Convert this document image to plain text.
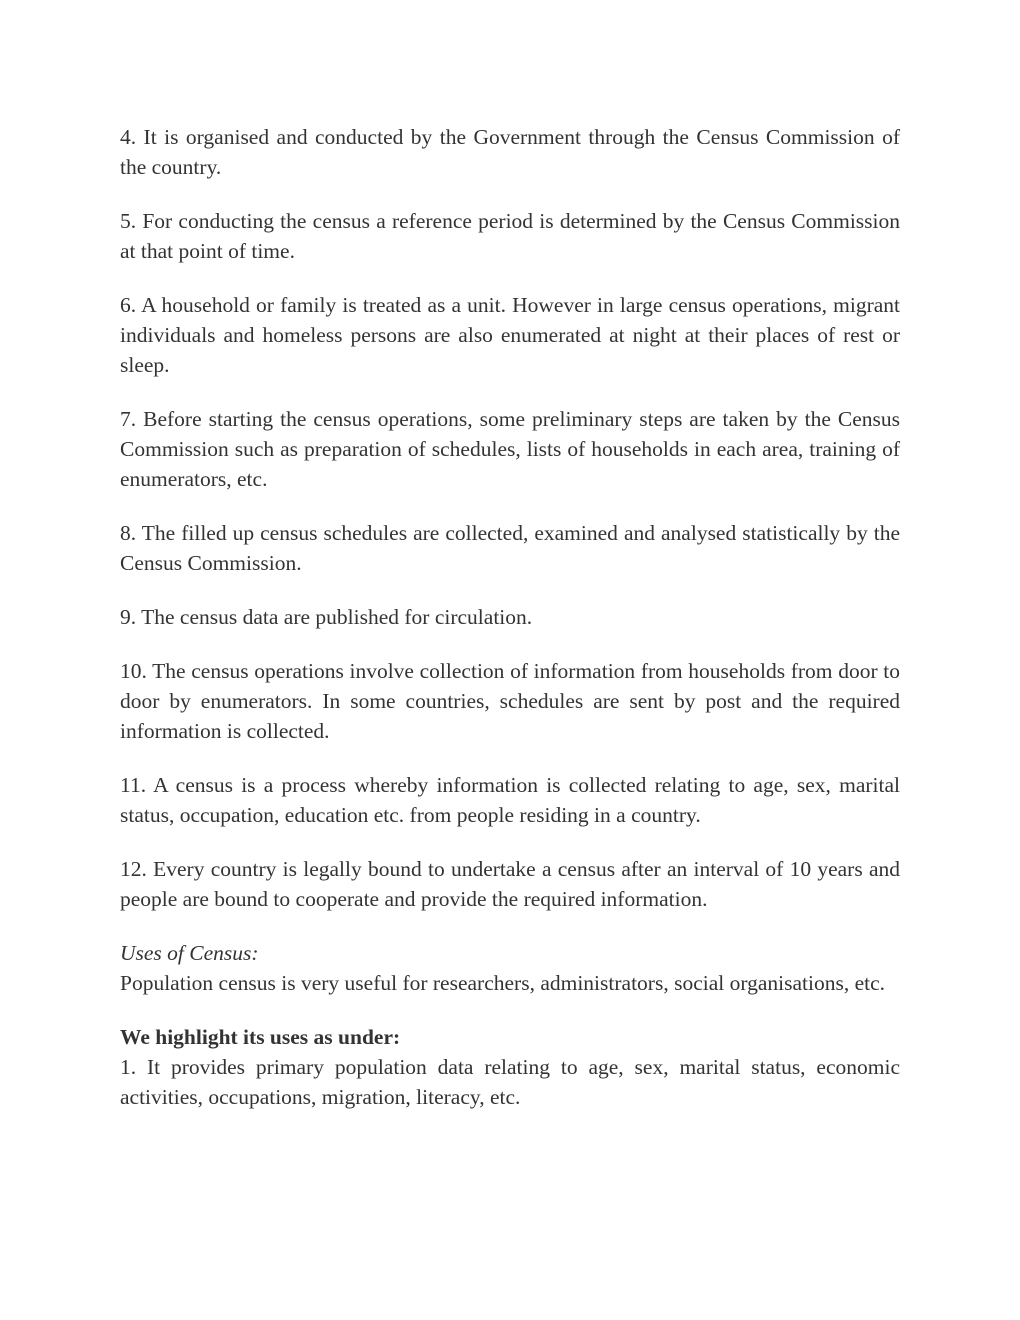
4. It is organised and conducted by the Government through the Census Commission of the country.

5. For conducting the census a reference period is determined by the Census Commission at that point of time.

6. A household or family is treated as a unit. However in large census operations, migrant individuals and homeless persons are also enumerated at night at their places of rest or sleep.

7. Before starting the census operations, some preliminary steps are taken by the Census Commission such as preparation of schedules, lists of households in each area, training of enumerators, etc.

8. The filled up census schedules are collected, examined and analysed statistically by the Census Commission.

9. The census data are published for circulation.

10. The census operations involve collection of information from households from door to door by enumerators. In some countries, schedules are sent by post and the required information is collected.

11. A census is a process whereby information is collected relating to age, sex, marital status, occupation, education etc. from people residing in a country.

12. Every country is legally bound to undertake a census after an interval of 10 years and people are bound to cooperate and provide the required information.

Uses of Census:
Population census is very useful for researchers, administrators, social organisations, etc.
We highlight its uses as under:
1. It provides primary population data relating to age, sex, marital status, economic activities, occupations, migration, literacy, etc.
